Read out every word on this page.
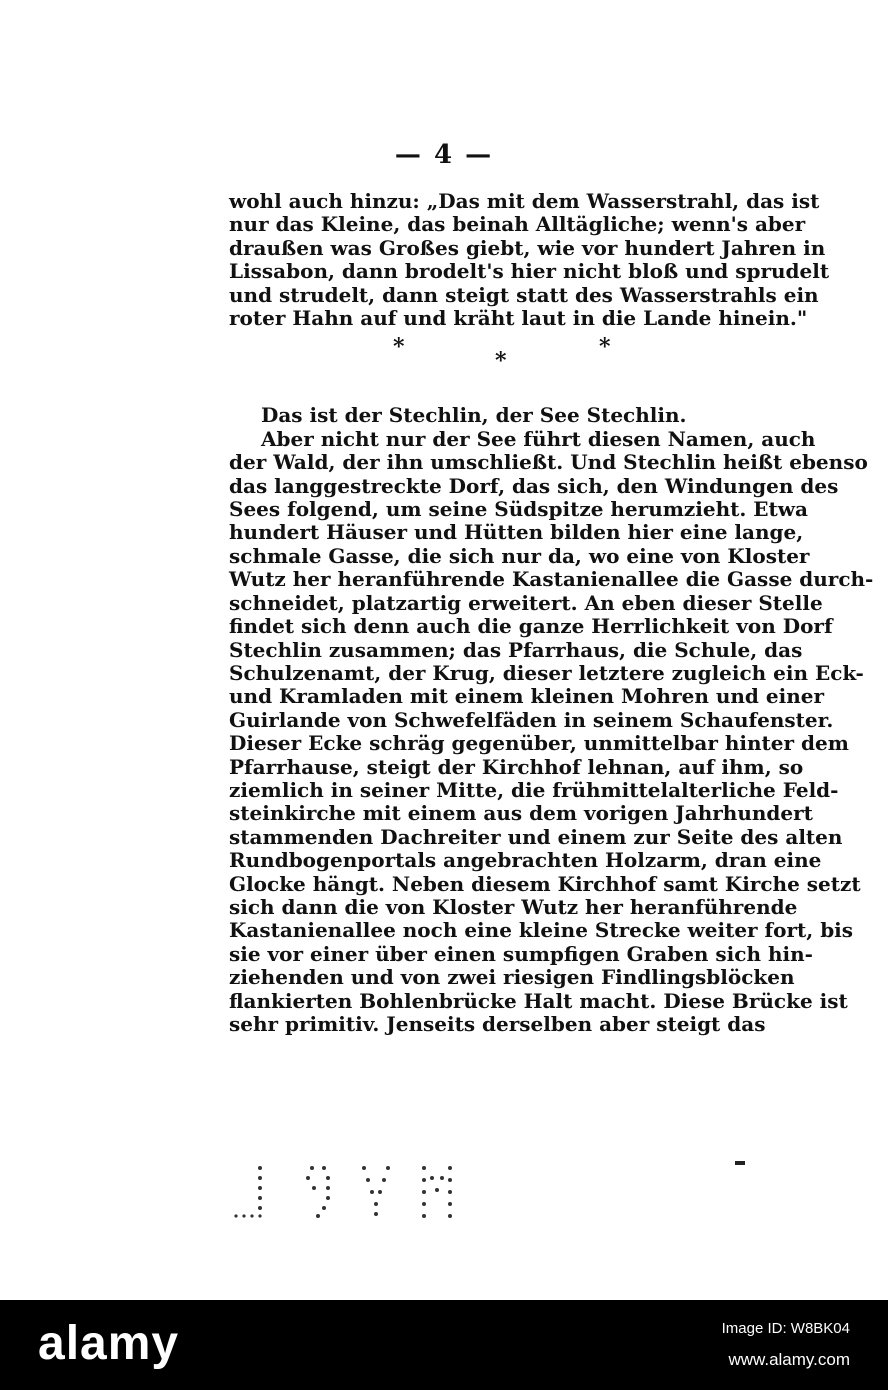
— 4 —
wohl auch hinzu: „Das mit dem Wasserstrahl, das ist
nur das Kleine, das beinah Alltägliche; wenn's aber
draußen was Großes giebt, wie vor hundert Jahren in
Lissabon, dann brodelt's hier nicht bloß und sprudelt
und strudelt, dann steigt statt des Wasserstrahls ein
roter Hahn auf und kräht laut in die Lande hinein."
*
*
*
Das ist der Stechlin, der See Stechlin.
Aber nicht nur der See führt diesen Namen, auch
der Wald, der ihn umschließt. Und Stechlin heißt ebenso
das langgestreckte Dorf, das sich, den Windungen des
Sees folgend, um seine Südspitze herumzieht. Etwa
hundert Häuser und Hütten bilden hier eine lange,
schmale Gasse, die sich nur da, wo eine von Kloster
Wutz her heranführende Kastanienallee die Gasse durch-
schneidet, platzartig erweitert. An eben dieser Stelle
findet sich denn auch die ganze Herrlichkeit von Dorf
Stechlin zusammen; das Pfarrhaus, die Schule, das
Schulzenamt, der Krug, dieser letztere zugleich ein Eck-
und Kramladen mit einem kleinen Mohren und einer
Guirlande von Schwefelfäden in seinem Schaufenster.
Dieser Ecke schräg gegenüber, unmittelbar hinter dem
Pfarrhause, steigt der Kirchhof lehnan, auf ihm, so
ziemlich in seiner Mitte, die frühmittelalterliche Feld-
steinkirche mit einem aus dem vorigen Jahrhundert
stammenden Dachreiter und einem zur Seite des alten
Rundbogenportals angebrachten Holzarm, dran eine
Glocke hängt. Neben diesem Kirchhof samt Kirche setzt
sich dann die von Kloster Wutz her heranführende
Kastanienallee noch eine kleine Strecke weiter fort, bis
sie vor einer über einen sumpfigen Graben sich hin-
ziehenden und von zwei riesigen Findlingsblöcken
flankierten Bohlenbrücke Halt macht. Diese Brücke ist
sehr primitiv. Jenseits derselben aber steigt das
alamy	Image ID: W8BK04
www.alamy.com
